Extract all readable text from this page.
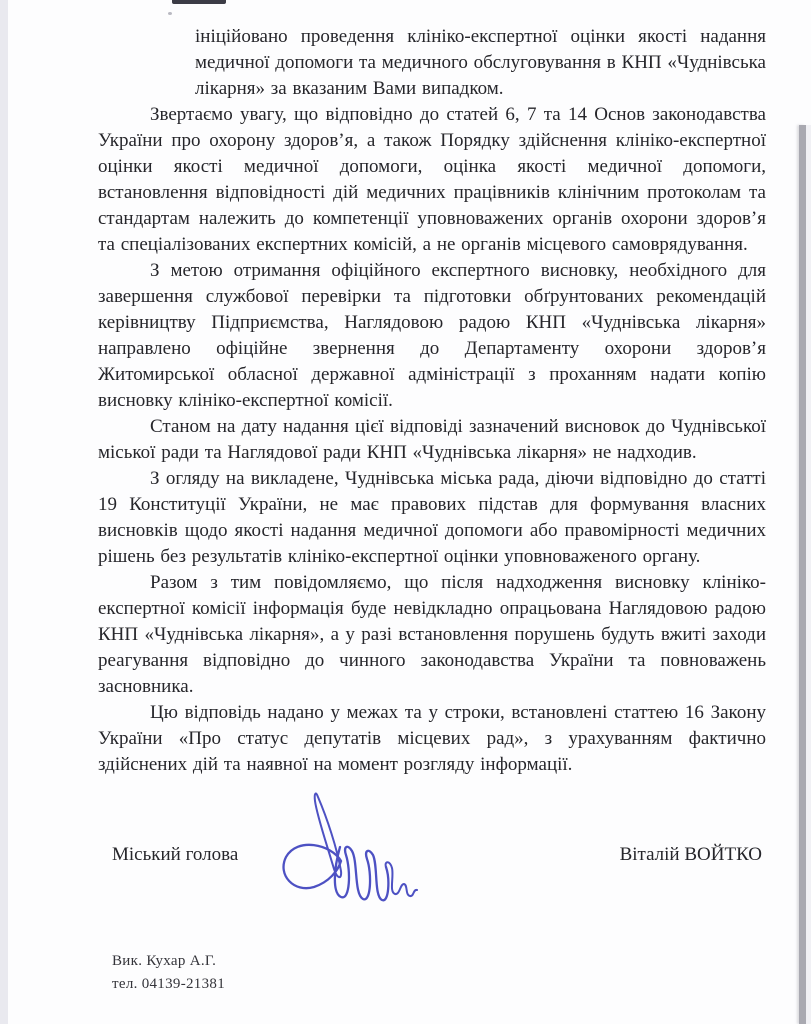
ініційовано проведення клініко-експертної оцінки якості надання медичної допомоги та медичного обслуговування в КНП «Чуднівська лікарня» за вказаним Вами випадком.

Звертаємо увагу, що відповідно до статей 6, 7 та 14 Основ законодавства України про охорону здоров’я, а також Порядку здійснення клініко-експертної оцінки якості медичної допомоги, оцінка якості медичної допомоги, встановлення відповідності дій медичних працівників клінічним протоколам та стандартам належить до компетенції уповноважених органів охорони здоров’я та спеціалізованих експертних комісій, а не органів місцевого самоврядування.

З метою отримання офіційного експертного висновку, необхідного для завершення службової перевірки та підготовки обґрунтованих рекомендацій керівництву Підприємства, Наглядовою радою КНП «Чуднівська лікарня» направлено офіційне звернення до Департаменту охорони здоров’я Житомирської обласної державної адміністрації з проханням надати копію висновку клініко-експертної комісії.

Станом на дату надання цієї відповіді зазначений висновок до Чуднівської міської ради та Наглядової ради КНП «Чуднівська лікарня» не надходив.

З огляду на викладене, Чуднівська міська рада, діючи відповідно до статті 19 Конституції України, не має правових підстав для формування власних висновків щодо якості надання медичної допомоги або правомірності медичних рішень без результатів клініко-експертної оцінки уповноваженого органу.

Разом з тим повідомляємо, що після надходження висновку клініко-експертної комісії інформація буде невідкладно опрацьована Наглядовою радою КНП «Чуднівська лікарня», а у разі встановлення порушень будуть вжиті заходи реагування відповідно до чинного законодавства України та повноважень засновника.

Цю відповідь надано у межах та у строки, встановлені статтею 16 Закону України «Про статус депутатів місцевих рад», з урахуванням фактично здійснених дій та наявної на момент розгляду інформації.

Міський голова	Віталій ВОЙТКО
Вик. Кухар А.Г.
тел. 04139-21381
